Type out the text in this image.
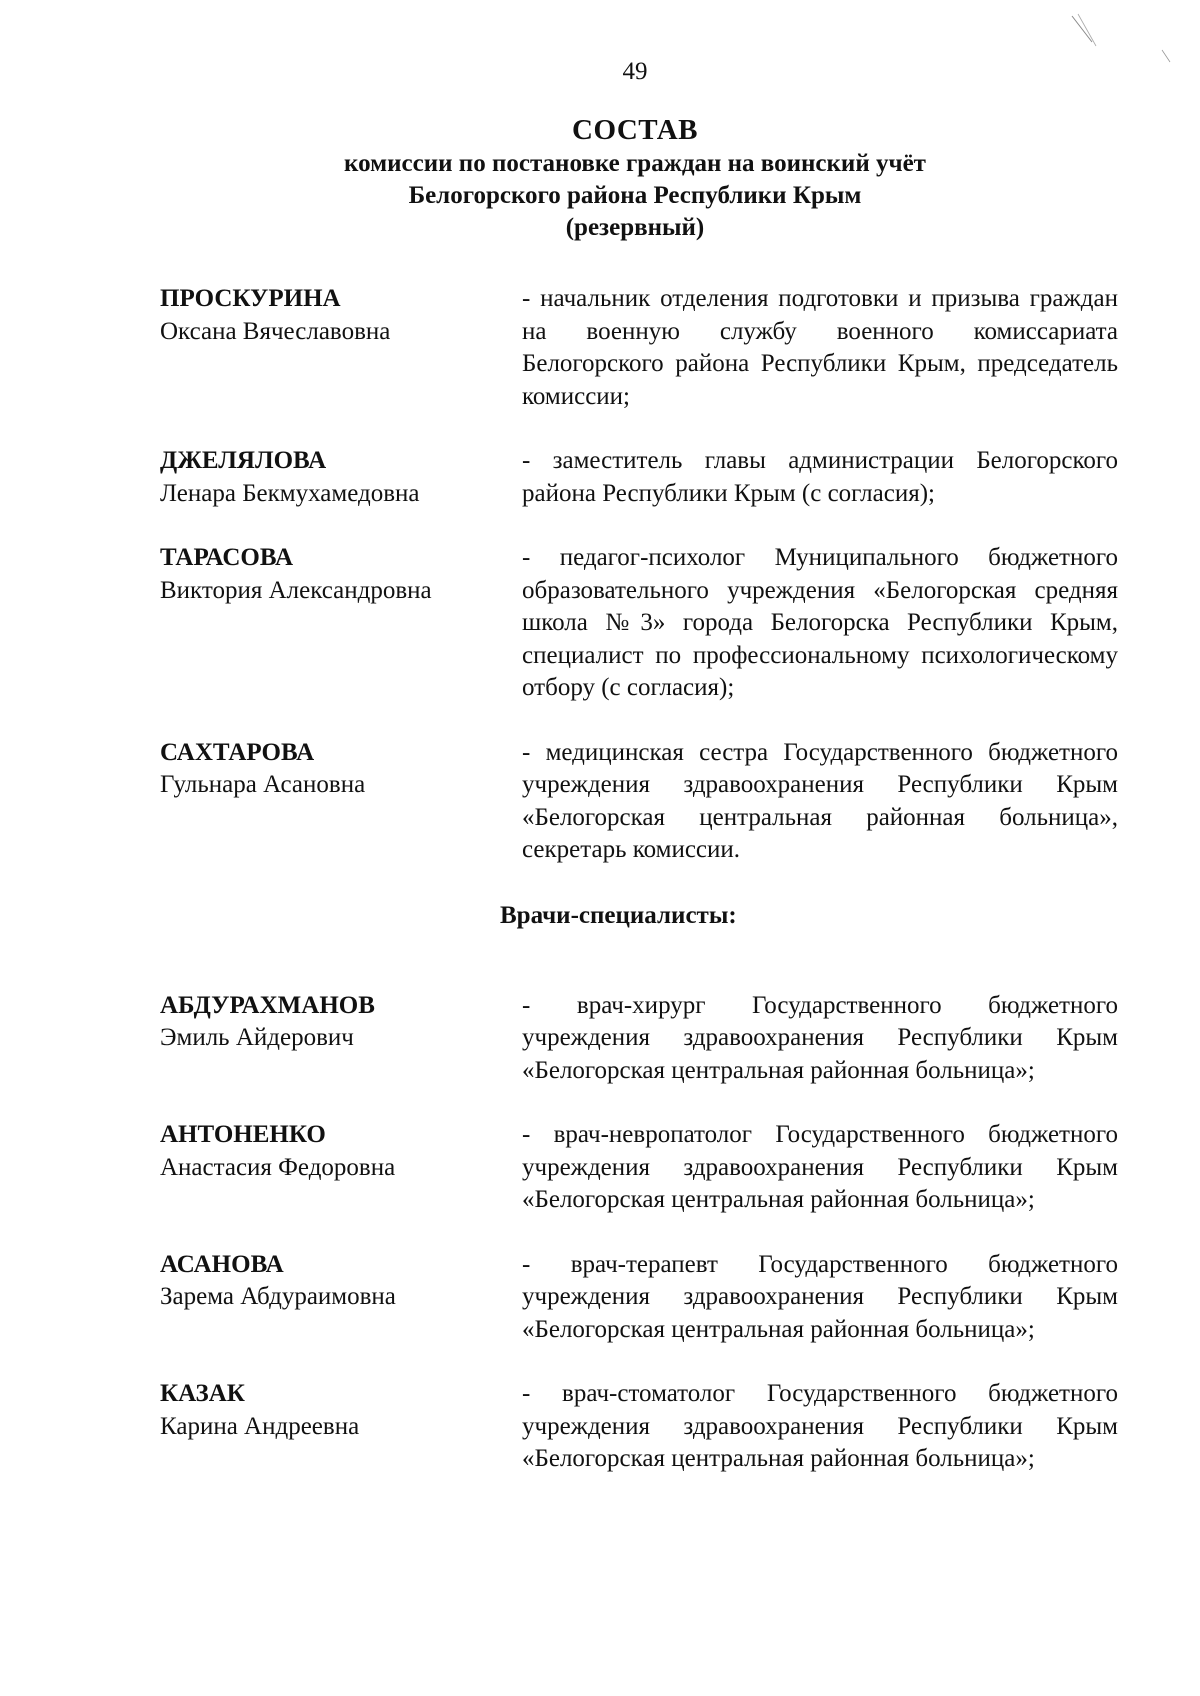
49
СОСТАВ
комиссии по постановке граждан на воинский учёт
Белогорского района Республики Крым
(резервный)
ПРОСКУРИНА
Оксана Вячеславовна
- начальник отделения подготовки и призыва граждан на военную службу военного комиссариата Белогорского района Республики Крым, председатель комиссии;
ДЖЕЛЯЛОВА
Ленара Бекмухамедовна
- заместитель главы администрации Белогорского района Республики Крым (с согласия);
ТАРАСОВА
Виктория Александровна
- педагог-психолог Муниципального бюджетного образовательного учреждения «Белогорская средняя школа №3» города Белогорска Республики Крым, специалист по профессиональному психологическому отбору (с согласия);
САХТАРОВА
Гульнара Асановна
- медицинская сестра Государственного бюджетного учреждения здравоохранения Республики Крым «Белогорская центральная районная больница», секретарь комиссии.
Врачи-специалисты:
АБДУРАХМАНОВ
Эмиль Айдерович
- врач-хирург Государственного бюджетного учреждения здравоохранения Республики Крым «Белогорская центральная районная больница»;
АНТОНЕНКО
Анастасия Федоровна
- врач-невропатолог Государственного бюджетного учреждения здравоохранения Республики Крым «Белогорская центральная районная больница»;
АСАНОВА
Зарема Абдураимовна
- врач-терапевт Государственного бюджетного учреждения здравоохранения Республики Крым «Белогорская центральная районная больница»;
КАЗАК
Карина Андреевна
- врач-стоматолог Государственного бюджетного учреждения здравоохранения Республики Крым «Белогорская центральная районная больница»;
